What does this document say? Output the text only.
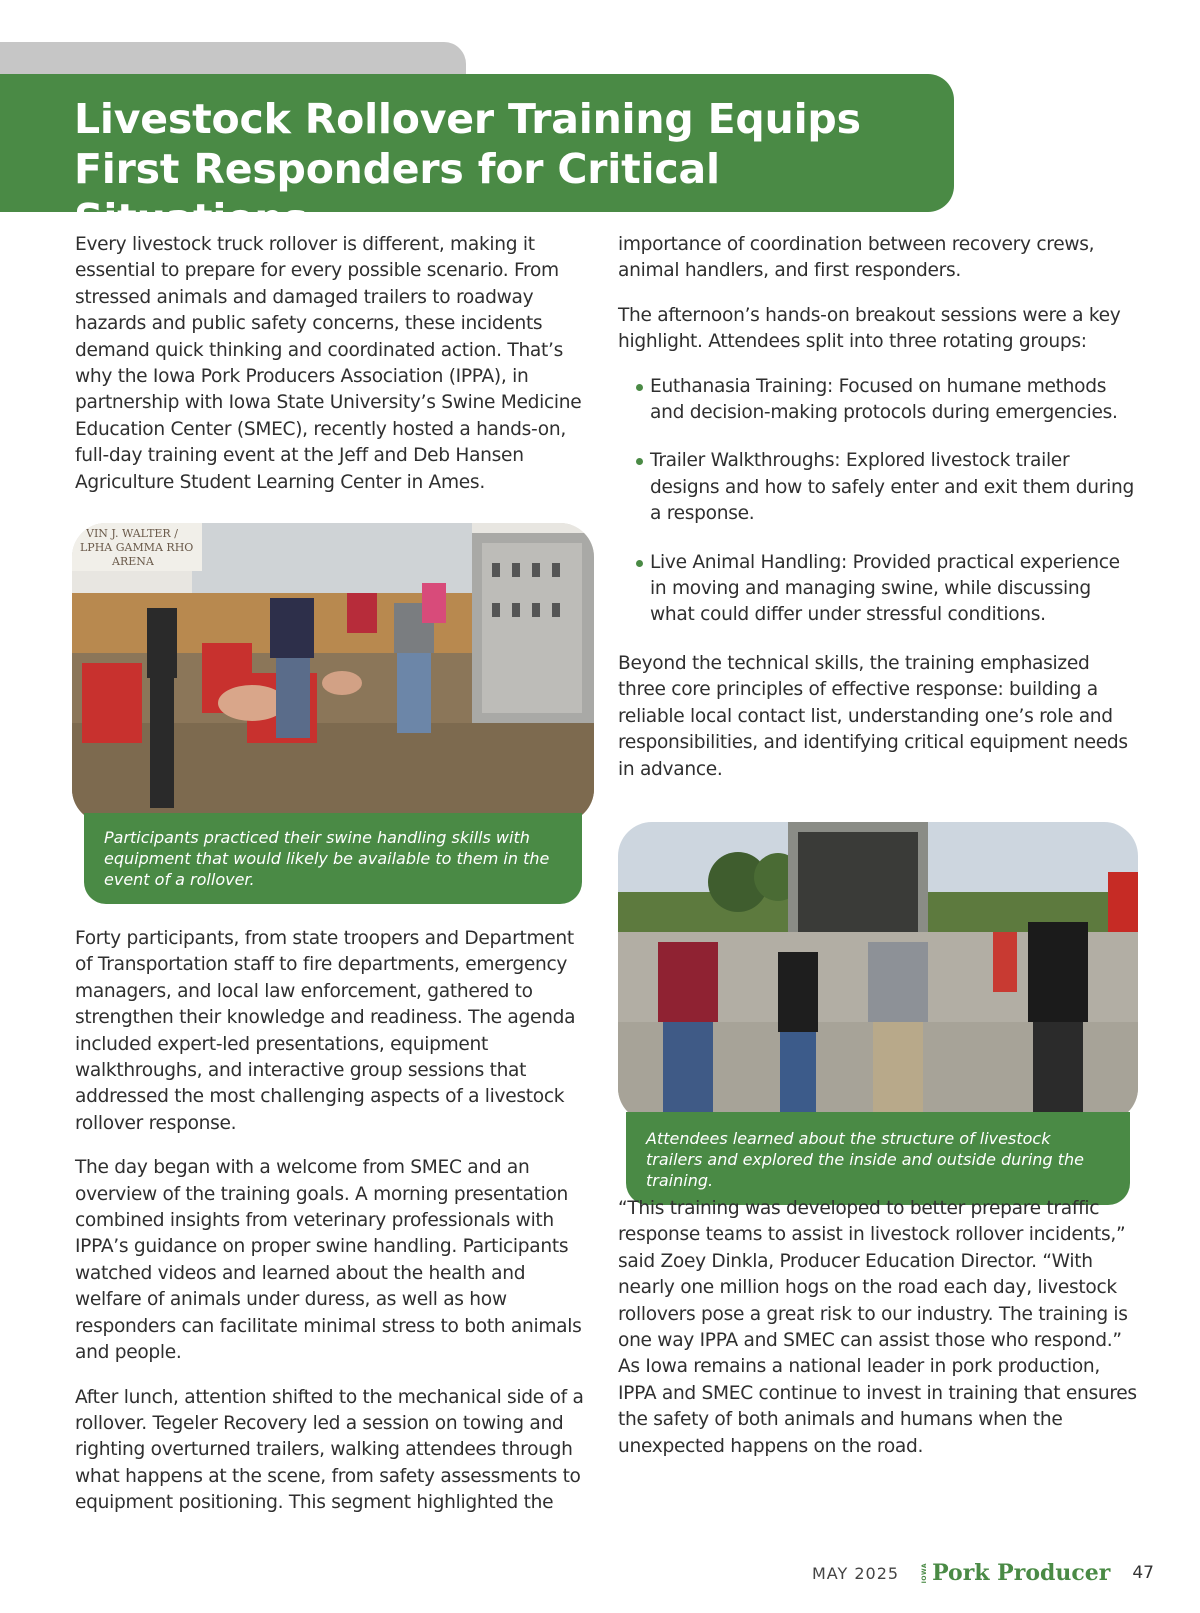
Livestock Rollover Training Equips
First Responders for Critical Situations

Every livestock truck rollover is different, making it essential to prepare for every possible scenario. From stressed animals and damaged trailers to roadway hazards and public safety concerns, these incidents demand quick thinking and coordinated action. That’s why the Iowa Pork Producers Association (IPPA), in partnership with Iowa State University’s Swine Medicine Education Center (SMEC), recently hosted a hands-on, full-day training event at the Jeff and Deb Hansen Agriculture Student Learning Center in Ames.

VIN J. WALTER /
LPHA GAMMA RHO
ARENA
Participants practiced their swine handling skills with equipment that would likely be available to them in the event of a rollover.

Forty participants, from state troopers and Department of Transportation staff to fire departments, emergency managers, and local law enforcement, gathered to strengthen their knowledge and readiness. The agenda included expert-led presentations, equipment walkthroughs, and interactive group sessions that addressed the most challenging aspects of a livestock rollover response.

The day began with a welcome from SMEC and an overview of the training goals. A morning presentation combined insights from veterinary professionals with IPPA’s guidance on proper swine handling. Participants watched videos and learned about the health and welfare of animals under duress, as well as how responders can facilitate minimal stress to both animals and people.

After lunch, attention shifted to the mechanical side of a rollover. Tegeler Recovery led a session on towing and righting overturned trailers, walking attendees through what happens at the scene, from safety assessments to equipment positioning. This segment highlighted the

importance of coordination between recovery crews, animal handlers, and first responders.

The afternoon’s hands-on breakout sessions were a key highlight. Attendees split into three rotating groups:

Euthanasia Training: Focused on humane methods and decision-making protocols during emergencies.
Trailer Walkthroughs: Explored livestock trailer designs and how to safely enter and exit them during a response.
Live Animal Handling: Provided practical experience in moving and managing swine, while discussing what could differ under stressful conditions.

Beyond the technical skills, the training emphasized three core principles of effective response: building a reliable local contact list, understanding one’s role and responsibilities, and identifying critical equipment needs in advance.

Attendees learned about the structure of livestock trailers and explored the inside and outside during the training.

“This training was developed to better prepare traffic response teams to assist in livestock rollover incidents,” said Zoey Dinkla, Producer Education Director. “With nearly one million hogs on the road each day, livestock rollovers pose a great risk to our industry. The training is one way IPPA and SMEC can assist those who respond.” As Iowa remains a national leader in pork production, IPPA and SMEC continue to invest in training that ensures the safety of both animals and humans when the unexpected happens on the road.

MAY 2025	IOWA Pork Producer 47
